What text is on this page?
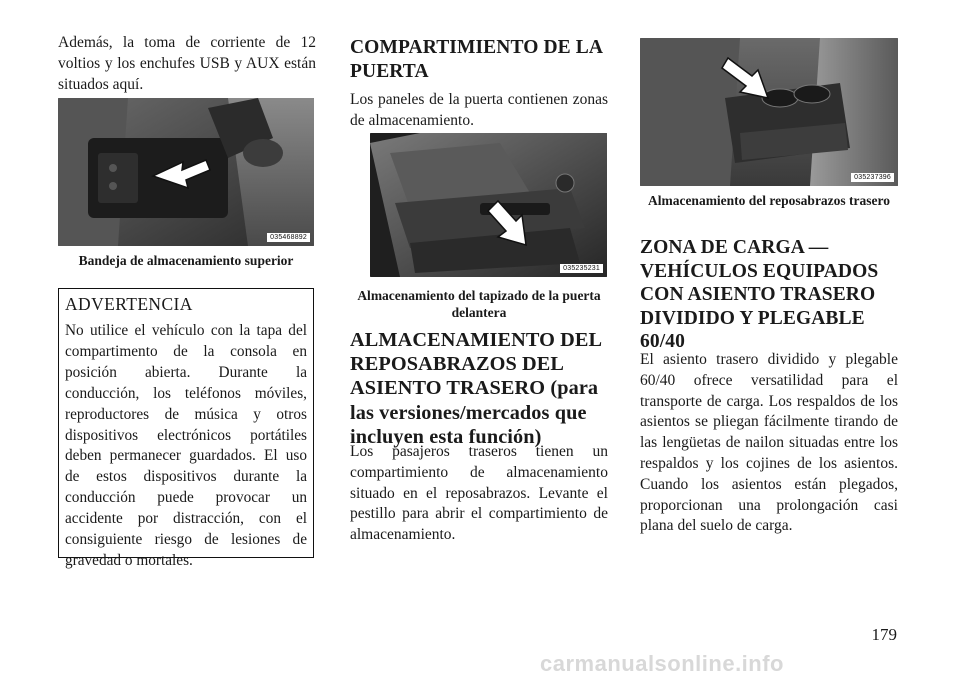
Además, la toma de corriente de 12 voltios y los enchufes USB y AUX están situados aquí.

035468892

Bandeja de almacenamiento superior

ADVERTENCIA

No utilice el vehículo con la tapa del compartimento de la consola en posición abierta. Durante la conducción, los teléfonos móviles, reproductores de música y otros dispositivos electrónicos portátiles deben permanecer guardados. El uso de estos dispositivos durante la conducción puede provocar un accidente por distracción, con el consiguiente riesgo de lesiones de gravedad o mortales.

COMPARTIMIENTO DE LA PUERTA

Los paneles de la puerta contienen zonas de almacenamiento.

035235231

Almacenamiento del tapizado de la puerta delantera

ALMACENAMIENTO DEL REPOSABRAZOS DEL ASIENTO TRASERO (para las versiones/mercados que incluyen esta función)

Los pasajeros traseros tienen un compartimiento de almacenamiento situado en el reposabrazos. Levante el pestillo para abrir el compartimiento de almacenamiento.

035237396

Almacenamiento del reposabrazos trasero

ZONA DE CARGA — VEHÍCULOS EQUIPADOS CON ASIENTO TRASERO DIVIDIDO Y PLEGABLE 60/40

El asiento trasero dividido y plegable 60/40 ofrece versatilidad para el transporte de carga. Los respaldos de los asientos se pliegan fácilmente tirando de las lengüetas de nailon situadas entre los respaldos y los cojines de los asientos. Cuando los asientos están plegados, proporcionan una prolongación casi plana del suelo de carga.

179
carmanualsonline.info
